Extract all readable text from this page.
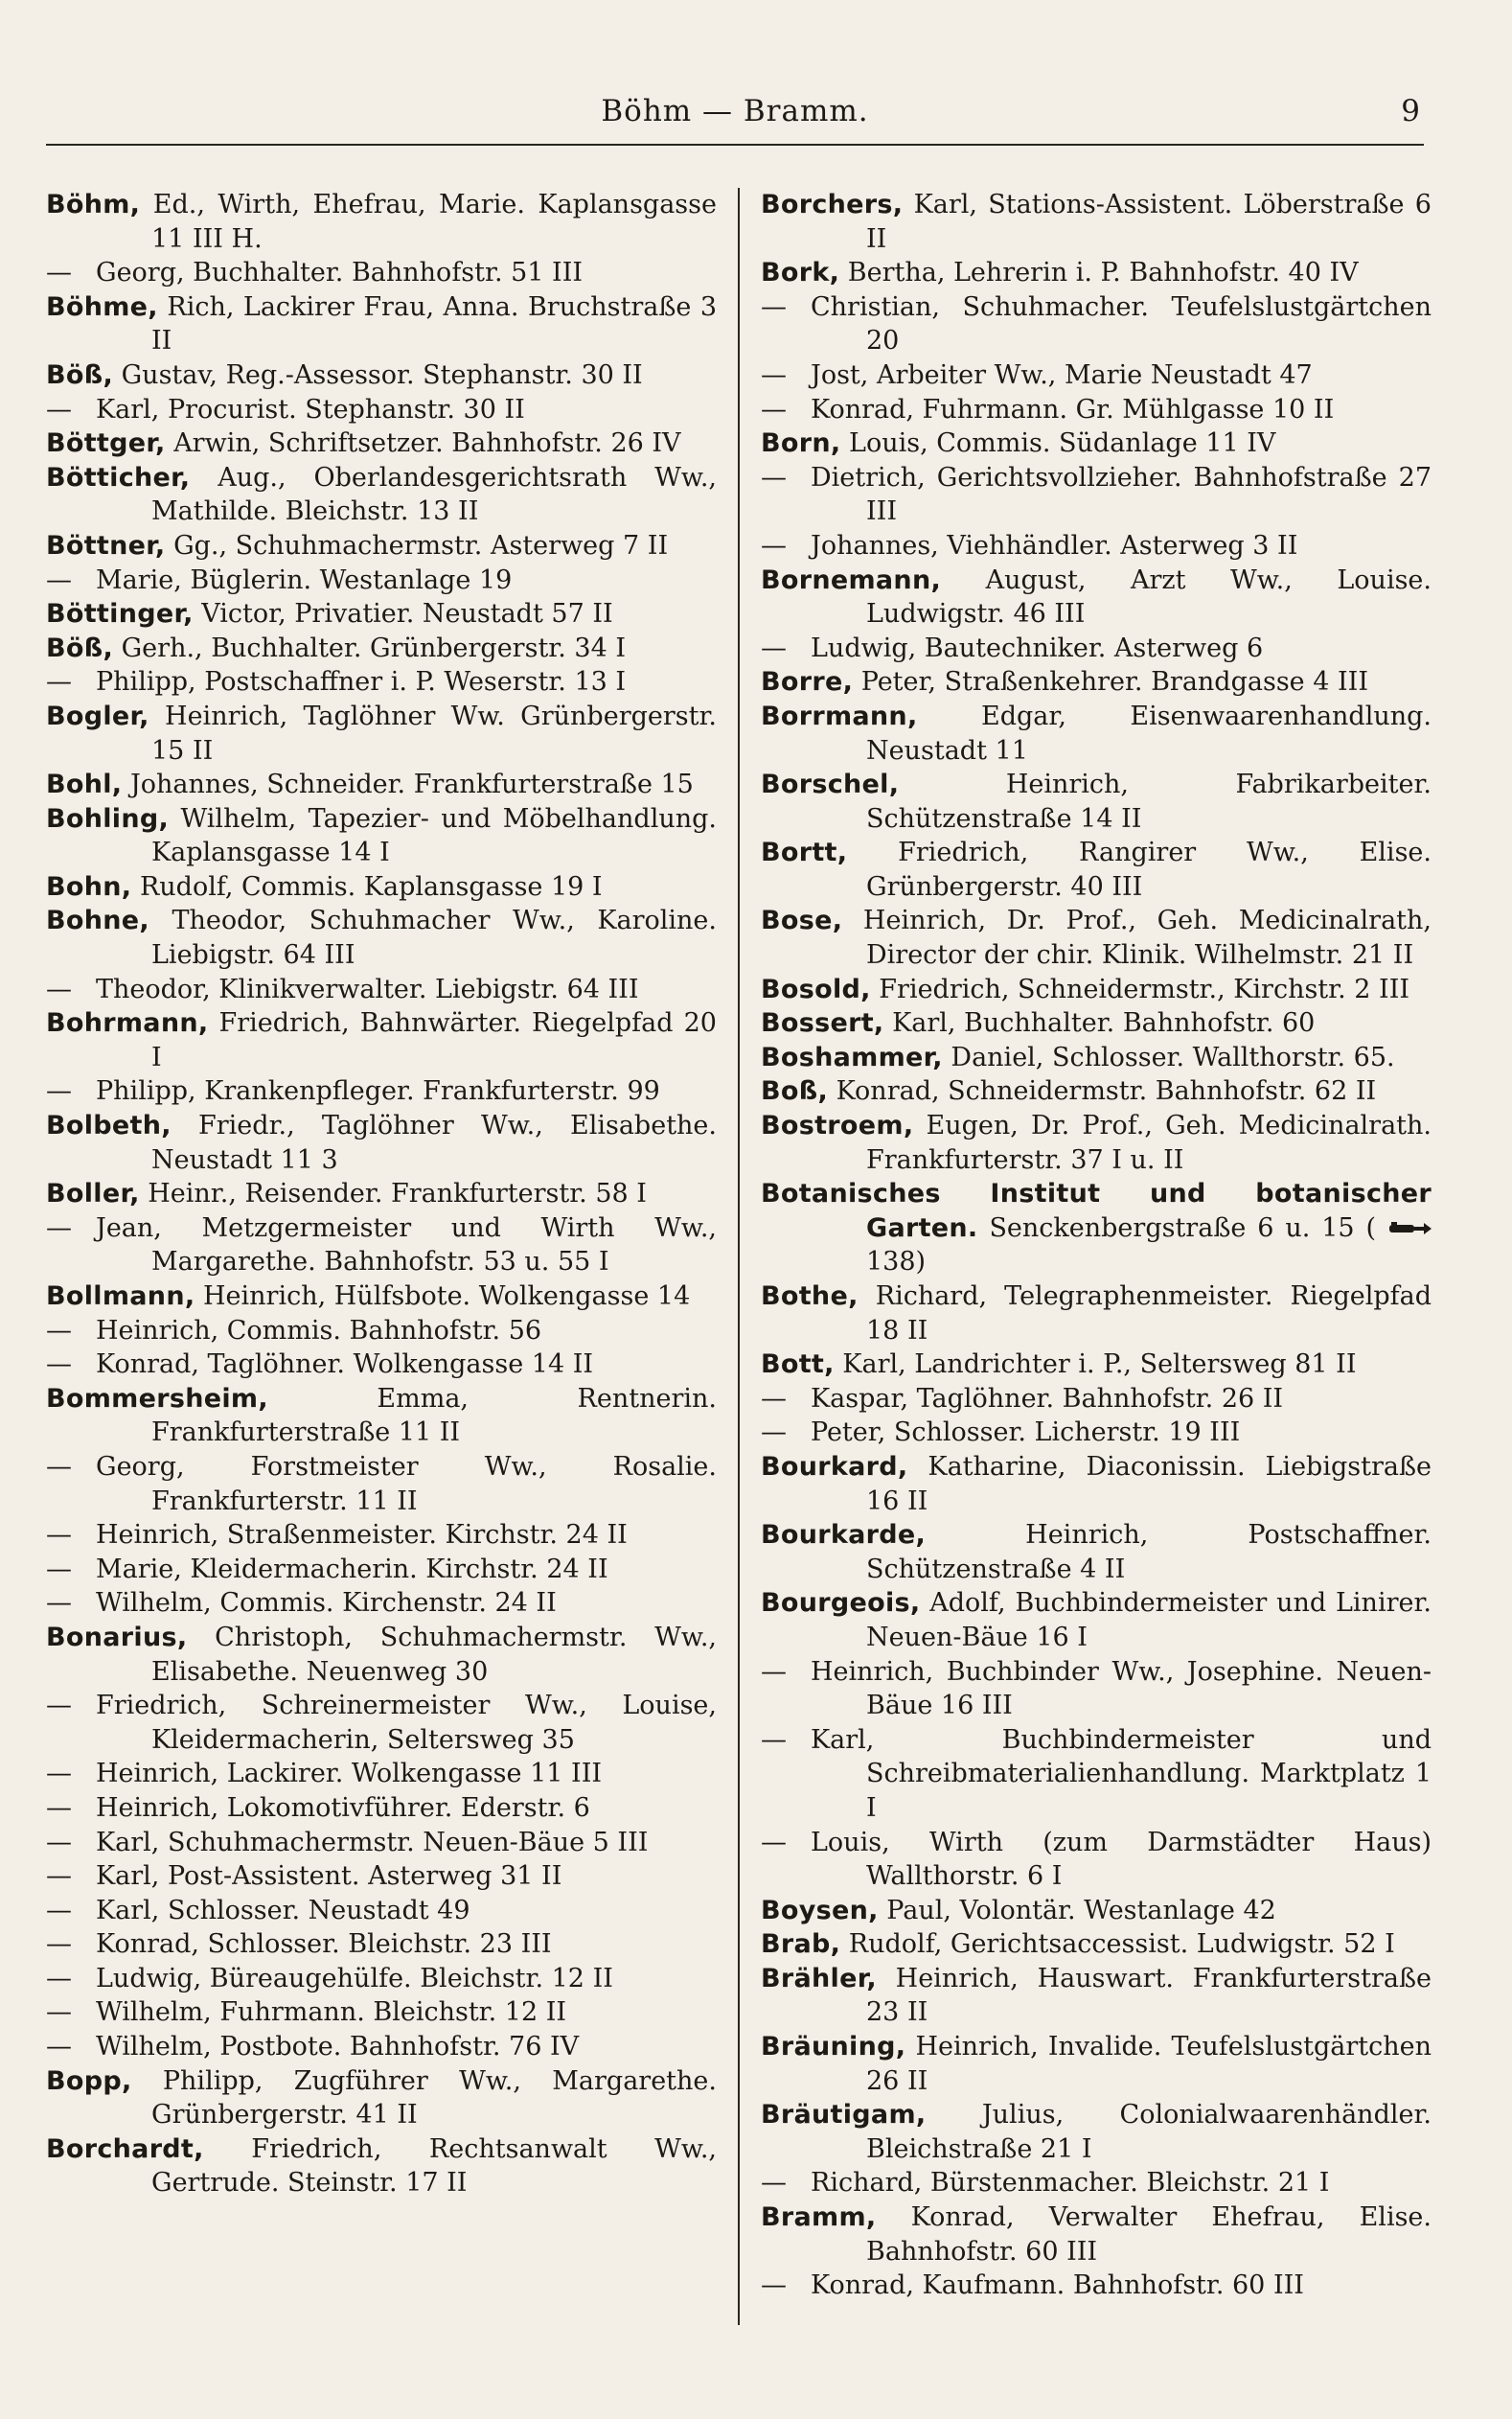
Böhm — Bramm.	9
Böhm, Ed., Wirth, Ehefrau, Marie. Kaplansgasse 11 III H.
— Georg, Buchhalter. Bahnhofstr. 51 III
Böhme, Rich, Lackirer Frau, Anna. Bruchstraße 3 II
Böß, Gustav, Reg.-Assessor. Stephanstr. 30 II
— Karl, Procurist. Stephanstr. 30 II
Böttger, Arwin, Schriftsetzer. Bahnhofstr. 26 IV
Bötticher, Aug., Oberlandesgerichtsrath Ww., Mathilde. Bleichstr. 13 II
Böttner, Gg., Schuhmachermstr. Asterweg 7 II
— Marie, Büglerin. Westanlage 19
Böttinger, Victor, Privatier. Neustadt 57 II
Böß, Gerh., Buchhalter. Grünbergerstr. 34 I
— Philipp, Postschaffner i. P. Weserstr. 13 I
Bogler, Heinrich, Taglöhner Ww. Grünbergerstr. 15 II
Bohl, Johannes, Schneider. Frankfurterstraße 15
Bohling, Wilhelm, Tapezier- und Möbelhandlung. Kaplansgasse 14 I
Bohn, Rudolf, Commis. Kaplansgasse 19 I
Bohne, Theodor, Schuhmacher Ww., Karoline. Liebigstr. 64 III
— Theodor, Klinikverwalter. Liebigstr. 64 III
Bohrmann, Friedrich, Bahnwärter. Riegelpfad 20 I
— Philipp, Krankenpfleger. Frankfurterstr. 99
Bolbeth, Friedr., Taglöhner Ww., Elisabethe. Neustadt 11 3
Boller, Heinr., Reisender. Frankfurterstr. 58 I
— Jean, Metzgermeister und Wirth Ww., Margarethe. Bahnhofstr. 53 u. 55 I
Bollmann, Heinrich, Hülfsbote. Wolkengasse 14
— Heinrich, Commis. Bahnhofstr. 56
— Konrad, Taglöhner. Wolkengasse 14 II
Bommersheim,	Emma, Rentnerin. Frankfurterstraße 11 II
— Georg, Forstmeister Ww., Rosalie. Frankfurterstr. 11 II
— Heinrich, Straßenmeister. Kirchstr. 24 II
— Marie, Kleidermacherin. Kirchstr. 24 II
— Wilhelm, Commis. Kirchenstr. 24 II
Bonarius, Christoph, Schuhmachermstr. Ww., Elisabethe. Neuenweg 30
— Friedrich, Schreinermeister Ww., Louise, Kleidermacherin, Seltersweg 35
— Heinrich, Lackirer. Wolkengasse 11 III
— Heinrich, Lokomotivführer. Ederstr. 6
— Karl, Schuhmachermstr. Neuen-Bäue 5 III
— Karl, Post-Assistent. Asterweg 31 II
— Karl, Schlosser. Neustadt 49
— Konrad, Schlosser. Bleichstr. 23 III
— Ludwig, Büreaugehülfe. Bleichstr. 12 II
— Wilhelm, Fuhrmann. Bleichstr. 12 II
— Wilhelm, Postbote. Bahnhofstr. 76 IV
Bopp, Philipp, Zugführer Ww., Margarethe. Grünbergerstr. 41 II
Borchardt, Friedrich, Rechtsanwalt Ww., Gertrude. Steinstr. 17 II
Borchers, Karl, Stations-Assistent. Löberstraße 6 II
Bork, Bertha, Lehrerin i. P. Bahnhofstr. 40 IV
— Christian, Schuhmacher. Teufelslustgärtchen 20
— Jost, Arbeiter Ww., Marie Neustadt 47
— Konrad, Fuhrmann. Gr. Mühlgasse 10 II
Born, Louis, Commis. Südanlage 11 IV
— Dietrich, Gerichtsvollzieher. Bahnhofstraße 27 III
— Johannes, Viehhändler. Asterweg 3 II
Bornemann, August, Arzt Ww., Louise. Ludwigstr. 46 III
— Ludwig, Bautechniker. Asterweg 6
Borre, Peter, Straßenkehrer. Brandgasse 4 III
Borrmann, Edgar, Eisenwaarenhandlung. Neustadt 11
Borschel,	Heinrich, Fabrikarbeiter. Schützenstraße 14 II
Bortt, Friedrich, Rangirer Ww., Elise. Grünbergerstr. 40 III
Bose, Heinrich, Dr. Prof., Geh. Medicinalrath, Director der chir. Klinik. Wilhelmstr. 21 II
Bosold, Friedrich, Schneidermstr., Kirchstr. 2 III
Bossert, Karl, Buchhalter. Bahnhofstr. 60
Boshammer, Daniel, Schlosser. Wallthorstr. 65.
Boß, Konrad, Schneidermstr. Bahnhofstr. 62 II
Bostroem, Eugen, Dr. Prof., Geh. Medicinalrath. Frankfurterstr. 37 I u. II
Botanisches Institut und botanischer Garten. Senckenbergstraße 6 u. 15 (  138)
Bothe, Richard, Telegraphenmeister. Riegelpfad 18 II
Bott, Karl, Landrichter i. P., Seltersweg 81 II
— Kaspar, Taglöhner. Bahnhofstr. 26 II
— Peter, Schlosser. Licherstr. 19 III
Bourkard, Katharine, Diaconissin. Liebigstraße 16 II
Bourkarde,	Heinrich, Postschaffner. Schützenstraße 4 II
Bourgeois, Adolf, Buchbindermeister und Linirer. Neuen-Bäue 16 I
— Heinrich, Buchbinder Ww., Josephine. Neuen-Bäue 16 III
— Karl, Buchbindermeister und Schreibmaterialienhandlung. Marktplatz 1 I
— Louis, Wirth (zum Darmstädter Haus) Wallthorstr. 6 I
Boysen, Paul, Volontär. Westanlage 42
Brab, Rudolf, Gerichtsaccessist. Ludwigstr. 52 I
Brähler, Heinrich, Hauswart. Frankfurterstraße 23 II
Bräuning, Heinrich, Invalide. Teufelslustgärtchen 26 II
Bräutigam, Julius, Colonialwaarenhändler. Bleichstraße 21 I
— Richard, Bürstenmacher. Bleichstr. 21 I
Bramm, Konrad, Verwalter Ehefrau, Elise. Bahnhofstr. 60 III
— Konrad, Kaufmann. Bahnhofstr. 60 III
